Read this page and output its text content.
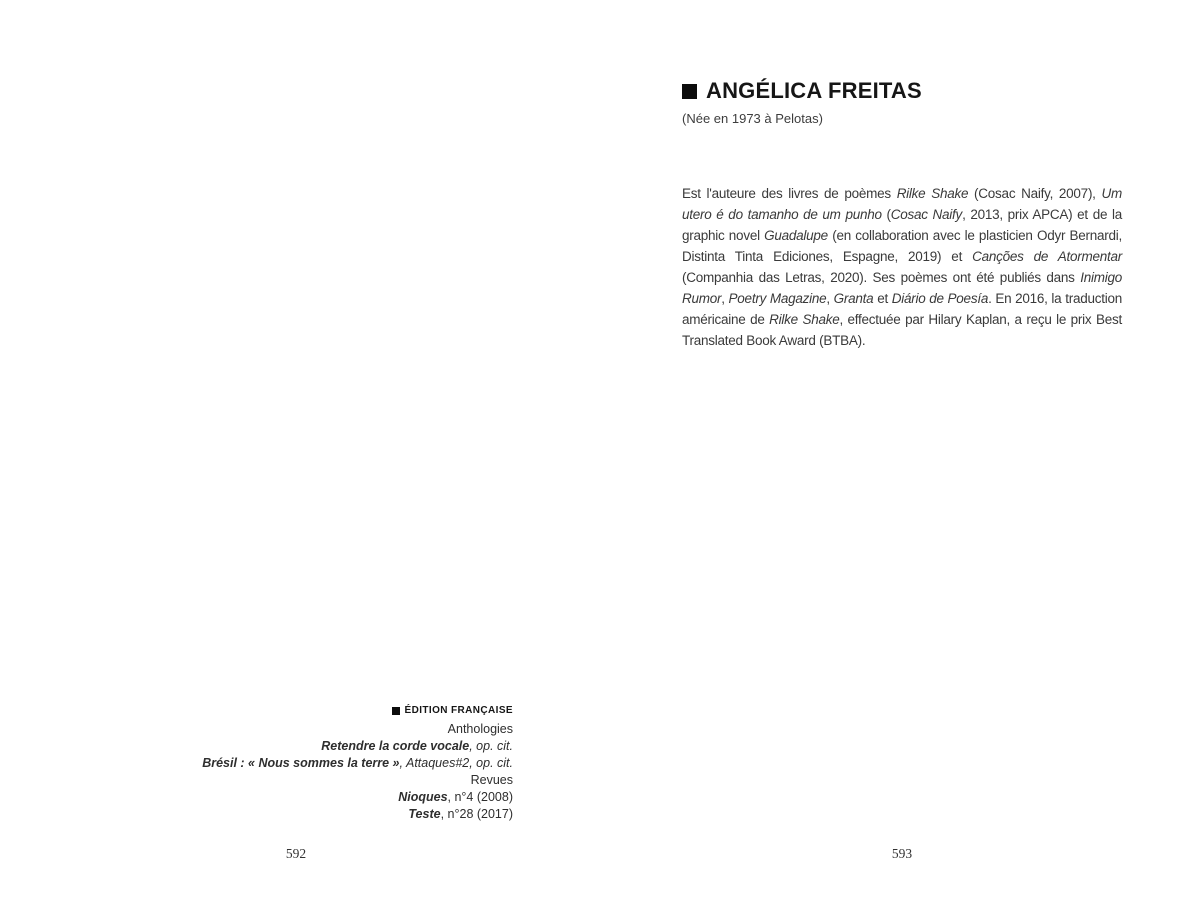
ANGÉLICA FREITAS
(Née en 1973 à Pelotas)
Est l'auteure des livres de poèmes Rilke Shake (Cosac Naify, 2007), Um utero é do tamanho de um punho (Cosac Naify, 2013, prix APCA) et de la graphic novel Guadalupe (en collaboration avec le plasticien Odyr Bernardi, Distinta Tinta Ediciones, Espagne, 2019) et Canções de Atormentar (Companhia das Letras, 2020). Ses poèmes ont été publiés dans Inimigo Rumor, Poetry Magazine, Granta et Diário de Poesía. En 2016, la traduction américaine de Rilke Shake, effectuée par Hilary Kaplan, a reçu le prix Best Translated Book Award (BTBA).
593
ÉDITION FRANÇAISE
Anthologies
Retendre la corde vocale, op. cit.
Brésil : « Nous sommes la terre », Attaques#2, op. cit.
Revues
Nioques, n°4 (2008)
Teste, n°28 (2017)
592
